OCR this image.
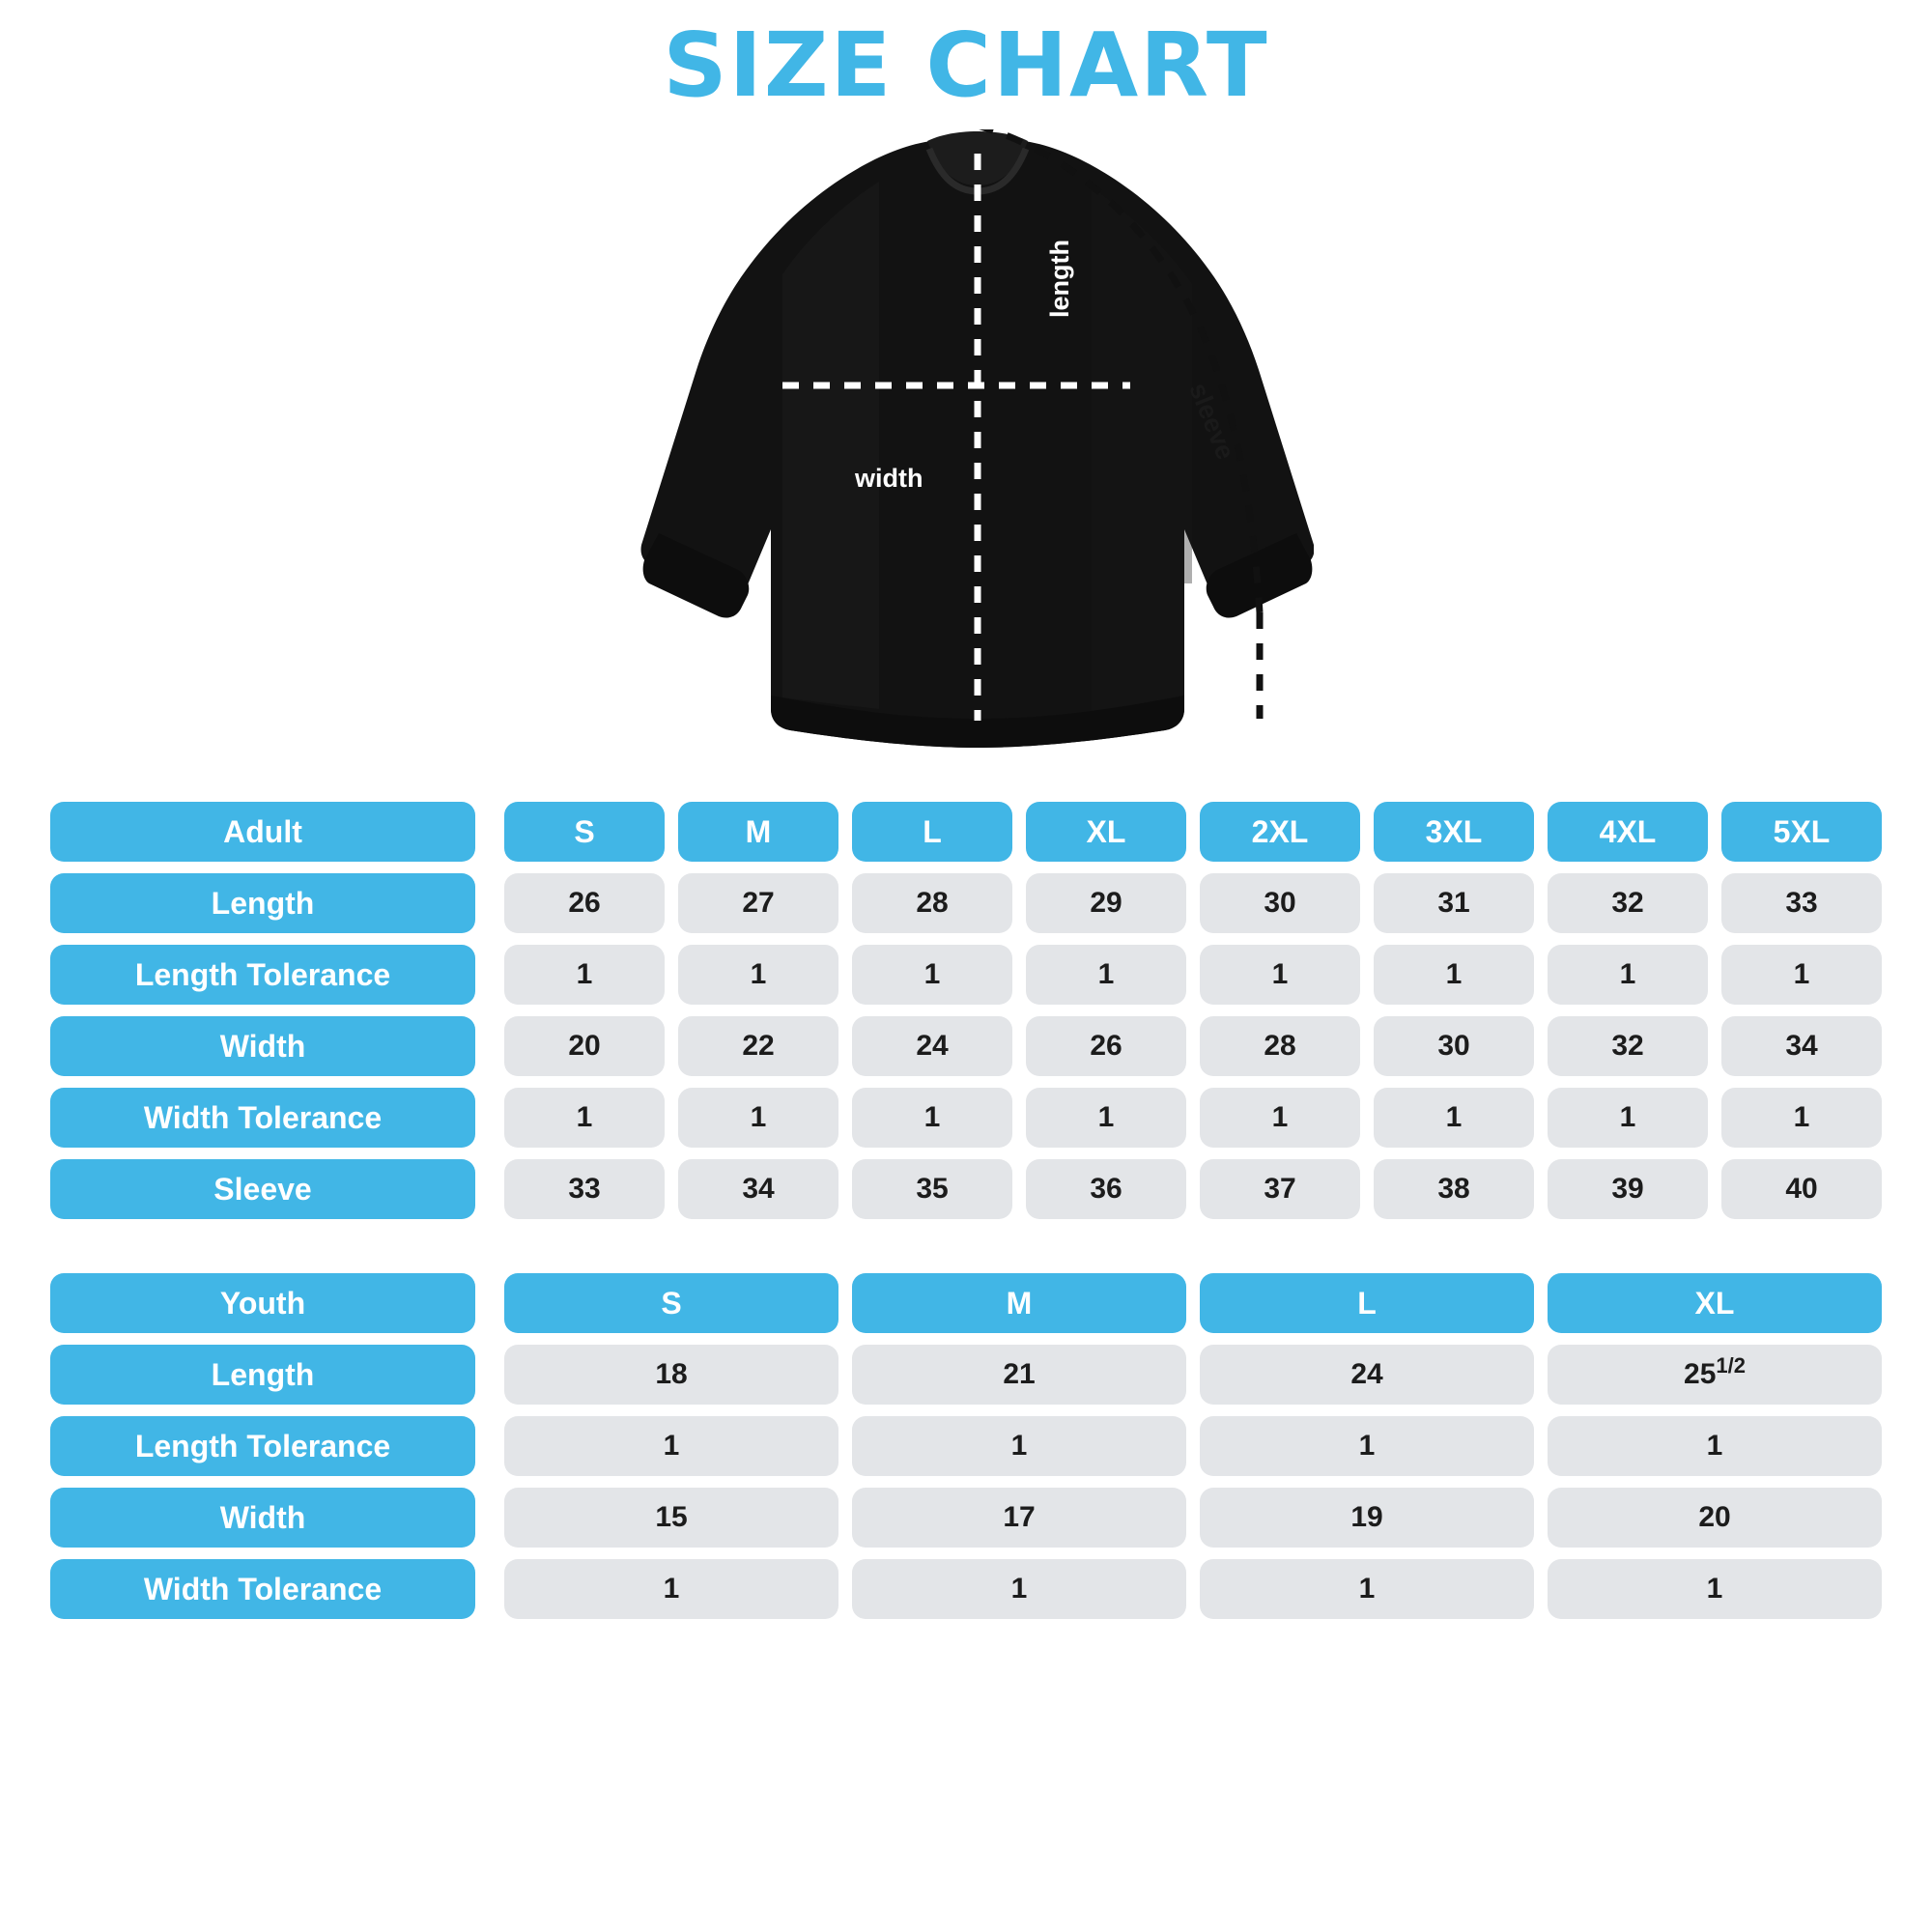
SIZE CHART
width
length
sleeve
Adult	S	M	L	XL	2XL	3XL	4XL	5XL
Length	26	27	28	29	30	31	32	33
Length Tolerance	1	1	1	1	1	1	1	1
Width	20	22	24	26	28	30	32	34
Width Tolerance	1	1	1	1	1	1	1	1
Sleeve	33	34	35	36	37	38	39	40
Youth	S	M	L	XL
Length	18	21	24	$25^{1/2}$
Length Tolerance	1	1	1	1
Width	15	17	19	20
Width Tolerance	1	1	1	1
